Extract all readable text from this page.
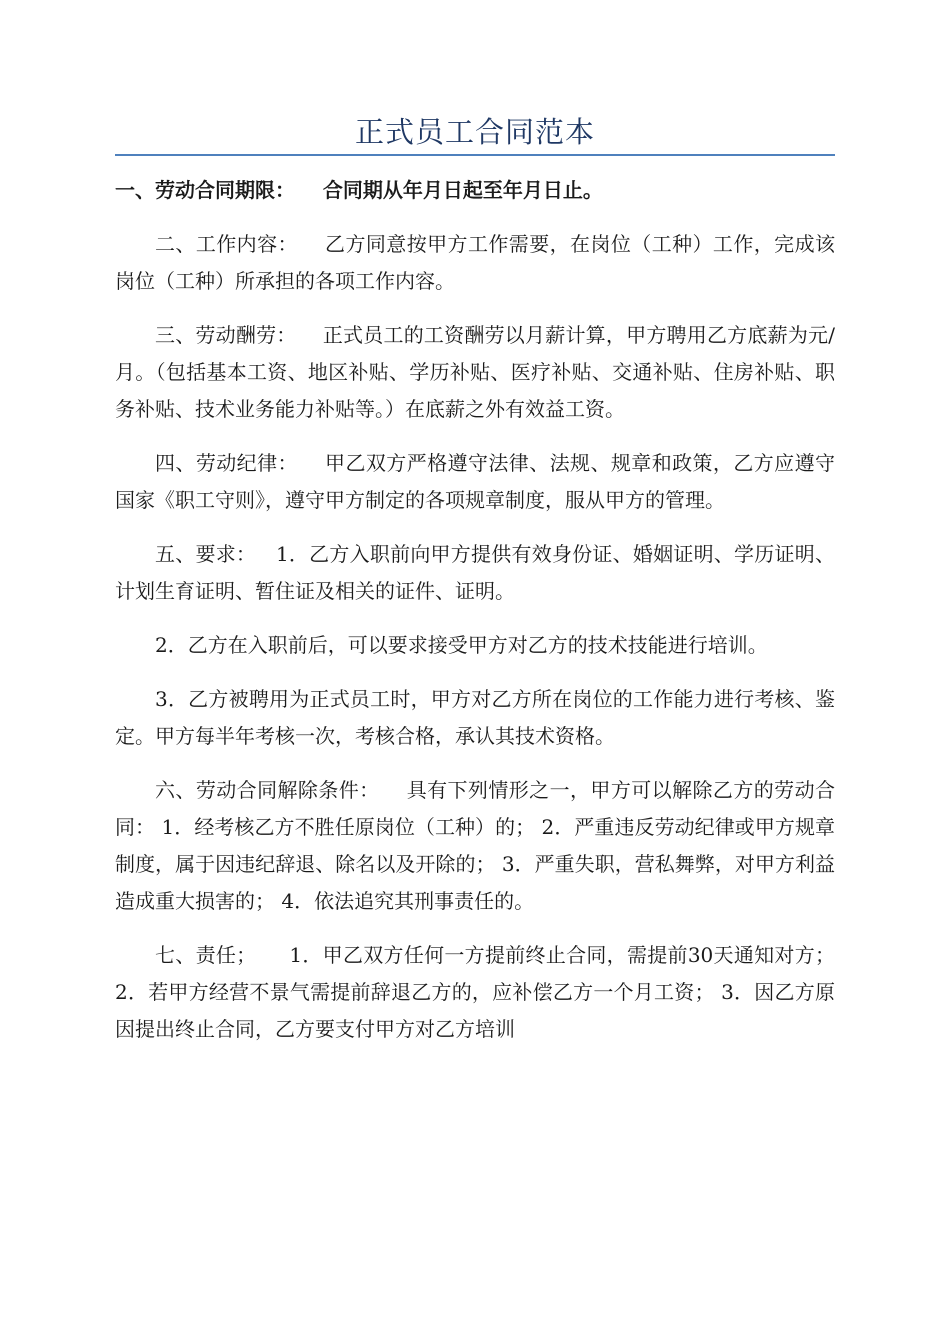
正式员工合同范本

一、劳动合同期限： 合同期从年月日起至年月日止。

二、工作内容： 乙方同意按甲方工作需要，在岗位（工种）工作，完成该岗位（工种）所承担的各项工作内容。

三、劳动酬劳： 正式员工的工资酬劳以月薪计算，甲方聘用乙方底薪为元/月。（包括基本工资、地区补贴、学历补贴、医疗补贴、交通补贴、住房补贴、职务补贴、技术业务能力补贴等。）在底薪之外有效益工资。

四、劳动纪律： 甲乙双方严格遵守法律、法规、规章和政策，乙方应遵守国家《职工守则》，遵守甲方制定的各项规章制度，服从甲方的管理。

五、要求： 1．乙方入职前向甲方提供有效身份证、婚姻证明、学历证明、计划生育证明、暂住证及相关的证件、证明。

2．乙方在入职前后，可以要求接受甲方对乙方的技术技能进行培训。

3．乙方被聘用为正式员工时，甲方对乙方所在岗位的工作能力进行考核、鉴定。甲方每半年考核一次，考核合格，承认其技术资格。

六、劳动合同解除条件： 具有下列情形之一，甲方可以解除乙方的劳动合同： 1．经考核乙方不胜任原岗位（工种）的； 2．严重违反劳动纪律或甲方规章制度，属于因违纪辞退、除名以及开除的； 3．严重失职，营私舞弊，对甲方利益造成重大损害的； 4．依法追究其刑事责任的。

七、责任； 1．甲乙双方任何一方提前终止合同，需提前30天通知对方； 2．若甲方经营不景气需提前辞退乙方的，应补偿乙方一个月工资； 3．因乙方原因提出终止合同，乙方要支付甲方对乙方培训
